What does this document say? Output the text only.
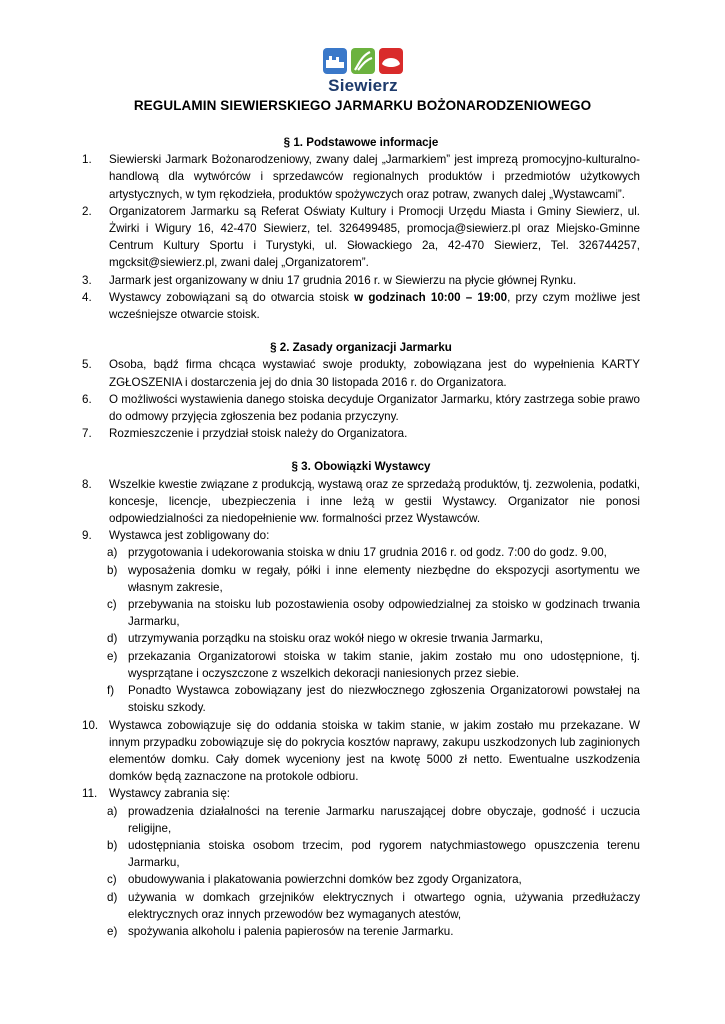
Siewierz
REGULAMIN SIEWIERSKIEGO JARMARKU BOŻONARODZENIOWEGO

§ 1. Podstawowe informacje

1. Siewierski Jarmark Bożonarodzeniowy, zwany dalej „Jarmarkiem” jest imprezą promocyjno-kulturalno-handlową dla wytwórców i sprzedawców regionalnych produktów i przedmiotów użytkowych artystycznych, w tym rękodzieła, produktów spożywczych oraz potraw, zwanych dalej „Wystawcami”.
2. Organizatorem Jarmarku są Referat Oświaty Kultury i Promocji Urzędu Miasta i Gminy Siewierz, ul. Żwirki i Wigury 16, 42-470 Siewierz, tel. 326499485, promocja@siewierz.pl oraz Miejsko-Gminne Centrum Kultury Sportu i Turystyki, ul. Słowackiego 2a, 42-470 Siewierz, Tel. 326744257, mgcksit@siewierz.pl, zwani dalej „Organizatorem”.
3. Jarmark jest organizowany w dniu 17 grudnia 2016 r. w Siewierzu na płycie głównej Rynku.
4. Wystawcy zobowiązani są do otwarcia stoisk w godzinach 10:00 – 19:00, przy czym możliwe jest wcześniejsze otwarcie stoisk.

§ 2. Zasady organizacji Jarmarku

5. Osoba, bądź firma chcąca wystawiać swoje produkty, zobowiązana jest do wypełnienia KARTY ZGŁOSZENIA i dostarczenia jej do dnia 30 listopada 2016 r. do Organizatora.
6. O możliwości wystawienia danego stoiska decyduje Organizator Jarmarku, który zastrzega sobie prawo do odmowy przyjęcia zgłoszenia bez podania przyczyny.
7. Rozmieszczenie i przydział stoisk należy do Organizatora.

§ 3. Obowiązki Wystawcy

8. Wszelkie kwestie związane z produkcją, wystawą oraz ze sprzedażą produktów, tj. zezwolenia, podatki, koncesje, licencje, ubezpieczenia i inne leżą w gestii Wystawcy. Organizator nie ponosi odpowiedzialności za niedopełnienie ww. formalności przez Wystawców.
9. Wystawca jest zobligowany do:
a) przygotowania i udekorowania stoiska w dniu 17 grudnia 2016 r. od godz. 7:00 do godz. 9.00,
b) wyposażenia domku w regały, półki i inne elementy niezbędne do ekspozycji asortymentu we własnym zakresie,
c) przebywania na stoisku lub pozostawienia osoby odpowiedzialnej za stoisko w godzinach trwania Jarmarku,
d) utrzymywania porządku na stoisku oraz wokół niego w okresie trwania Jarmarku,
e) przekazania Organizatorowi stoiska w takim stanie, jakim zostało mu ono udostępnione, tj. wysprzątane i oczyszczone z wszelkich dekoracji naniesionych przez siebie.
f) Ponadto Wystawca zobowiązany jest do niezwłocznego zgłoszenia Organizatorowi powstałej na stoisku szkody.
10. Wystawca zobowiązuje się do oddania stoiska w takim stanie, w jakim zostało mu przekazane. W innym przypadku zobowiązuje się do pokrycia kosztów naprawy, zakupu uszkodzonych lub zaginionych elementów domku. Cały domek wyceniony jest na kwotę 5000 zł netto. Ewentualne uszkodzenia domków będą zaznaczone na protokole odbioru.
11. Wystawcy zabrania się:
a) prowadzenia działalności na terenie Jarmarku naruszającej dobre obyczaje, godność i uczucia religijne,
b) udostępniania stoiska osobom trzecim, pod rygorem natychmiastowego opuszczenia terenu Jarmarku,
c) obudowywania i plakatowania powierzchni domków bez zgody Organizatora,
d) używania w domkach grzejników elektrycznych i otwartego ognia, używania przedłużaczy elektrycznych oraz innych przewodów bez wymaganych atestów,
e) spożywania alkoholu i palenia papierosów na terenie Jarmarku.
